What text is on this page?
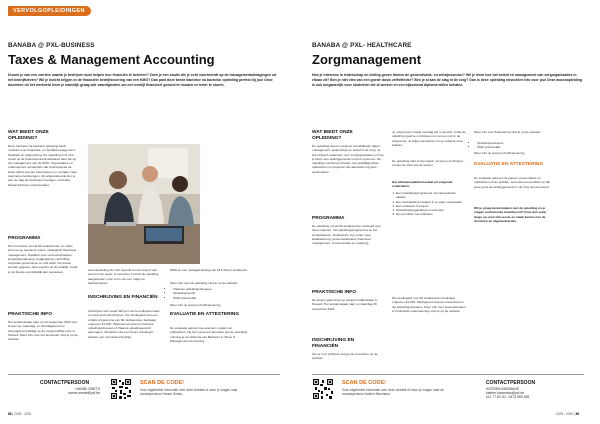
VERVOLGOPLEIDINGEN
BANABA @ PXL-BUSINESS
Taxes & Management Accounting

Droom je van een carrière waarin je bedrijven kunt helpen hun financiën te beheren? Zoek je een studie die je echt voorbereidt op de managementuitdagingen uit het bedrijfsleven? Wil je inzicht krijgen in de financiële bedrijfsvoering van een KMO? Dan past deze brede bachelor na bachelor opleiding perfect bij jou! Onze docenten uit het werkveld leren je namelijk graag alle vaardigheden om een bedrijf financieel gezond te houden en beter te sturen.

WAT BIEDT ONZE OPLEIDING?

Deze bachelor na bachelor opleiding biedt modules over financiële- en bedrijfsmanagement, fiscaliteit en rapportering. De opleiding richt zich zowel op de financieel-administratieve kant als op het management van de KMO. Organisaties en ondernemers verwachten dat professionals de juiste cijfers kunnen interpreteren en vertalen naar duurzame beslissingen. Als afgestudeerde kun je aan de slag als financieel manager, controller, fiscaal adviseur of accountant.

PROGRAMMA

Het curriculum omvat 60 studiepunten en spitst zich toe op relevante cases: strategisch financieel management, fiscaliteit voor vennootschappen, kostprijsberekening, budgettering, controlling, corporate governance en soft skills. De lessen worden gegeven door experts uit de praktijk, zodat je de theorie onmiddellijk kan toepassen.

PRAKTISCHE INFO

Het academiejaar start op 23 september 2024 met lessen op maandag- en dinsdagavond en zaterdagvoormiddag op de campus Elfde Linie in Hasselt. Meer info over het lesrooster vind je op de website.

avondopleiding die zich beperkt tot één dag of één avond in de week. In semester 2 wordt de opleiding aangeboden in de vorm van een stage en bachelorproef.

INSCHRIJVING EN FINANCIËN

Inschrijven kan vanaf half juni via het onlineformulier op www.pxl.be/inschrijven. Het studiegeld voor een voltijds programma van 60 studiepunten bedraagt ongeveer €1.000. Werknemers kunnen hiervoor opleidingscheques of Vlaams opleidingsverlof aanvragen. Studenten die een beurs ontvangen, betalen een verminderd bedrag.

€500 en een verlaagd bedrag van €14,30 per studiepunt.

Meer info over de opleiding vind je op de website:

• Vlaamse opleidingscheques
• Opleidingsverlof
• KMO-portefeuille

Meer info op www.pxl.be/financiering

EVALUATIE EN ATTESTERING

De evaluatie gebeurt via examens, papers en opdrachten. Na het succesvol afronden van de opleiding ontvang je het diploma van Bachelor in Taxes & Management Accounting.

CONTACTPERSOON
HANNE SMETS
hanne.smets@pxl.be
SCAN DE CODE!
Voor uitgebreide informatie over deze website of stuur je vragen naar contactpersoon Hanne Smets.
88 | 2025 - 2026
BANABA @ PXL- HEALTHCARE
Zorgmanagement

Heb je interesse in leiderschap en leiding geven binnen de gezondheids- en welzijnssector? Wil je leren hoe het beleid en management van zorgorganisaties in elkaar zit? Ben je niet vies van een goede dosis zelfreflectie? Ben je al aan de slag in de zorg? Dan is deze opleiding misschien iets voor jou! Deze avondopleiding is ook toegankelijk voor studenten die al werken en een bijkomend diploma willen behalen.

WAT BIEDT ONZE OPLEIDING?

De opleiding steunt vooral op verschillende pijlers: management, leiderschap en beleid in de zorg. Je leert kritisch nadenken over zorgorganisaties en hoe je hierin een leidinggevende rol kunt opnemen. De opleiding combineert theorie met praktijkgerichte opdrachten en projecten die aansluiten bij jouw werkcontext.

PROGRAMMA

De opleiding omvat 60 studiepunten verdeeld over twee trajecten: het opleidingsprogramma en het werkplekleren. Onderdelen zijn onder meer kwaliteitszorg, personeelsbeleid, financieel management, communicatie en coaching.

PRAKTISCHE INFO

De lessen gaan door op campus Guffenslaan in Hasselt. Het academiejaar start op zaterdag 28 september 2024.

INSCHRIJVING EN FINANCIËN

Om je in te schrijven volg je de procedure op de website.

Je volgt lessen zowel overdag als 's avonds, zodat de opleiding goed te combineren is met een job in de zorgsector. Je krijgt ook kansen om je netwerk uit te breiden.

De opleiding start in het najaar. Je kan je inschrijven tot aan de start van de lessen.

Het afstudeerpakket bestaat uit volgende onderdelen:

1. Een opleidingsprogramma met theoretische vakken
2. Een werkplekleren-traject in je eigen organisatie
3. Een eindwerk of project
4. Opleidingsbegeleiding en intervisie
5. Een portfolio met reflecties

Het studiegeld voor 60 studiepunten bedraagt ongeveer €1.000. Werkgevers kunnen tussenkomen via opleidingscheques. Meer info over tussenkomsten en financiële ondersteuning vind je op de website.

Meer info over financiering vind je op de website:

• Opleidingscheques
• KMO-portefeuille

Meer info op www.pxl.be/financiering

EVALUATIE EN ATTESTERING

De evaluatie gebeurt via papers, presentaties en opdrachten uit de praktijk. Je bouwt een portfolio op dat jouw groei als leidinggevende in de zorg documenteert.

Wil je graag kennismaken met de opleiding en je vragen rechtstreeks beantwoord? Kom dan zeker langs op onze infosessie en maak kennis met de docenten en afgestudeerden.

SCAN DE CODE!
Voor uitgebreide informatie over deze website of stuur je vragen naar de contactpersoon Katrien Biesmans.
CONTACTPERSOON
KATRIEN BIESMANS
katrien.biesmans@pxl.be
011 77 82 00 - 0474 555 455
2025 - 2026 | 89
